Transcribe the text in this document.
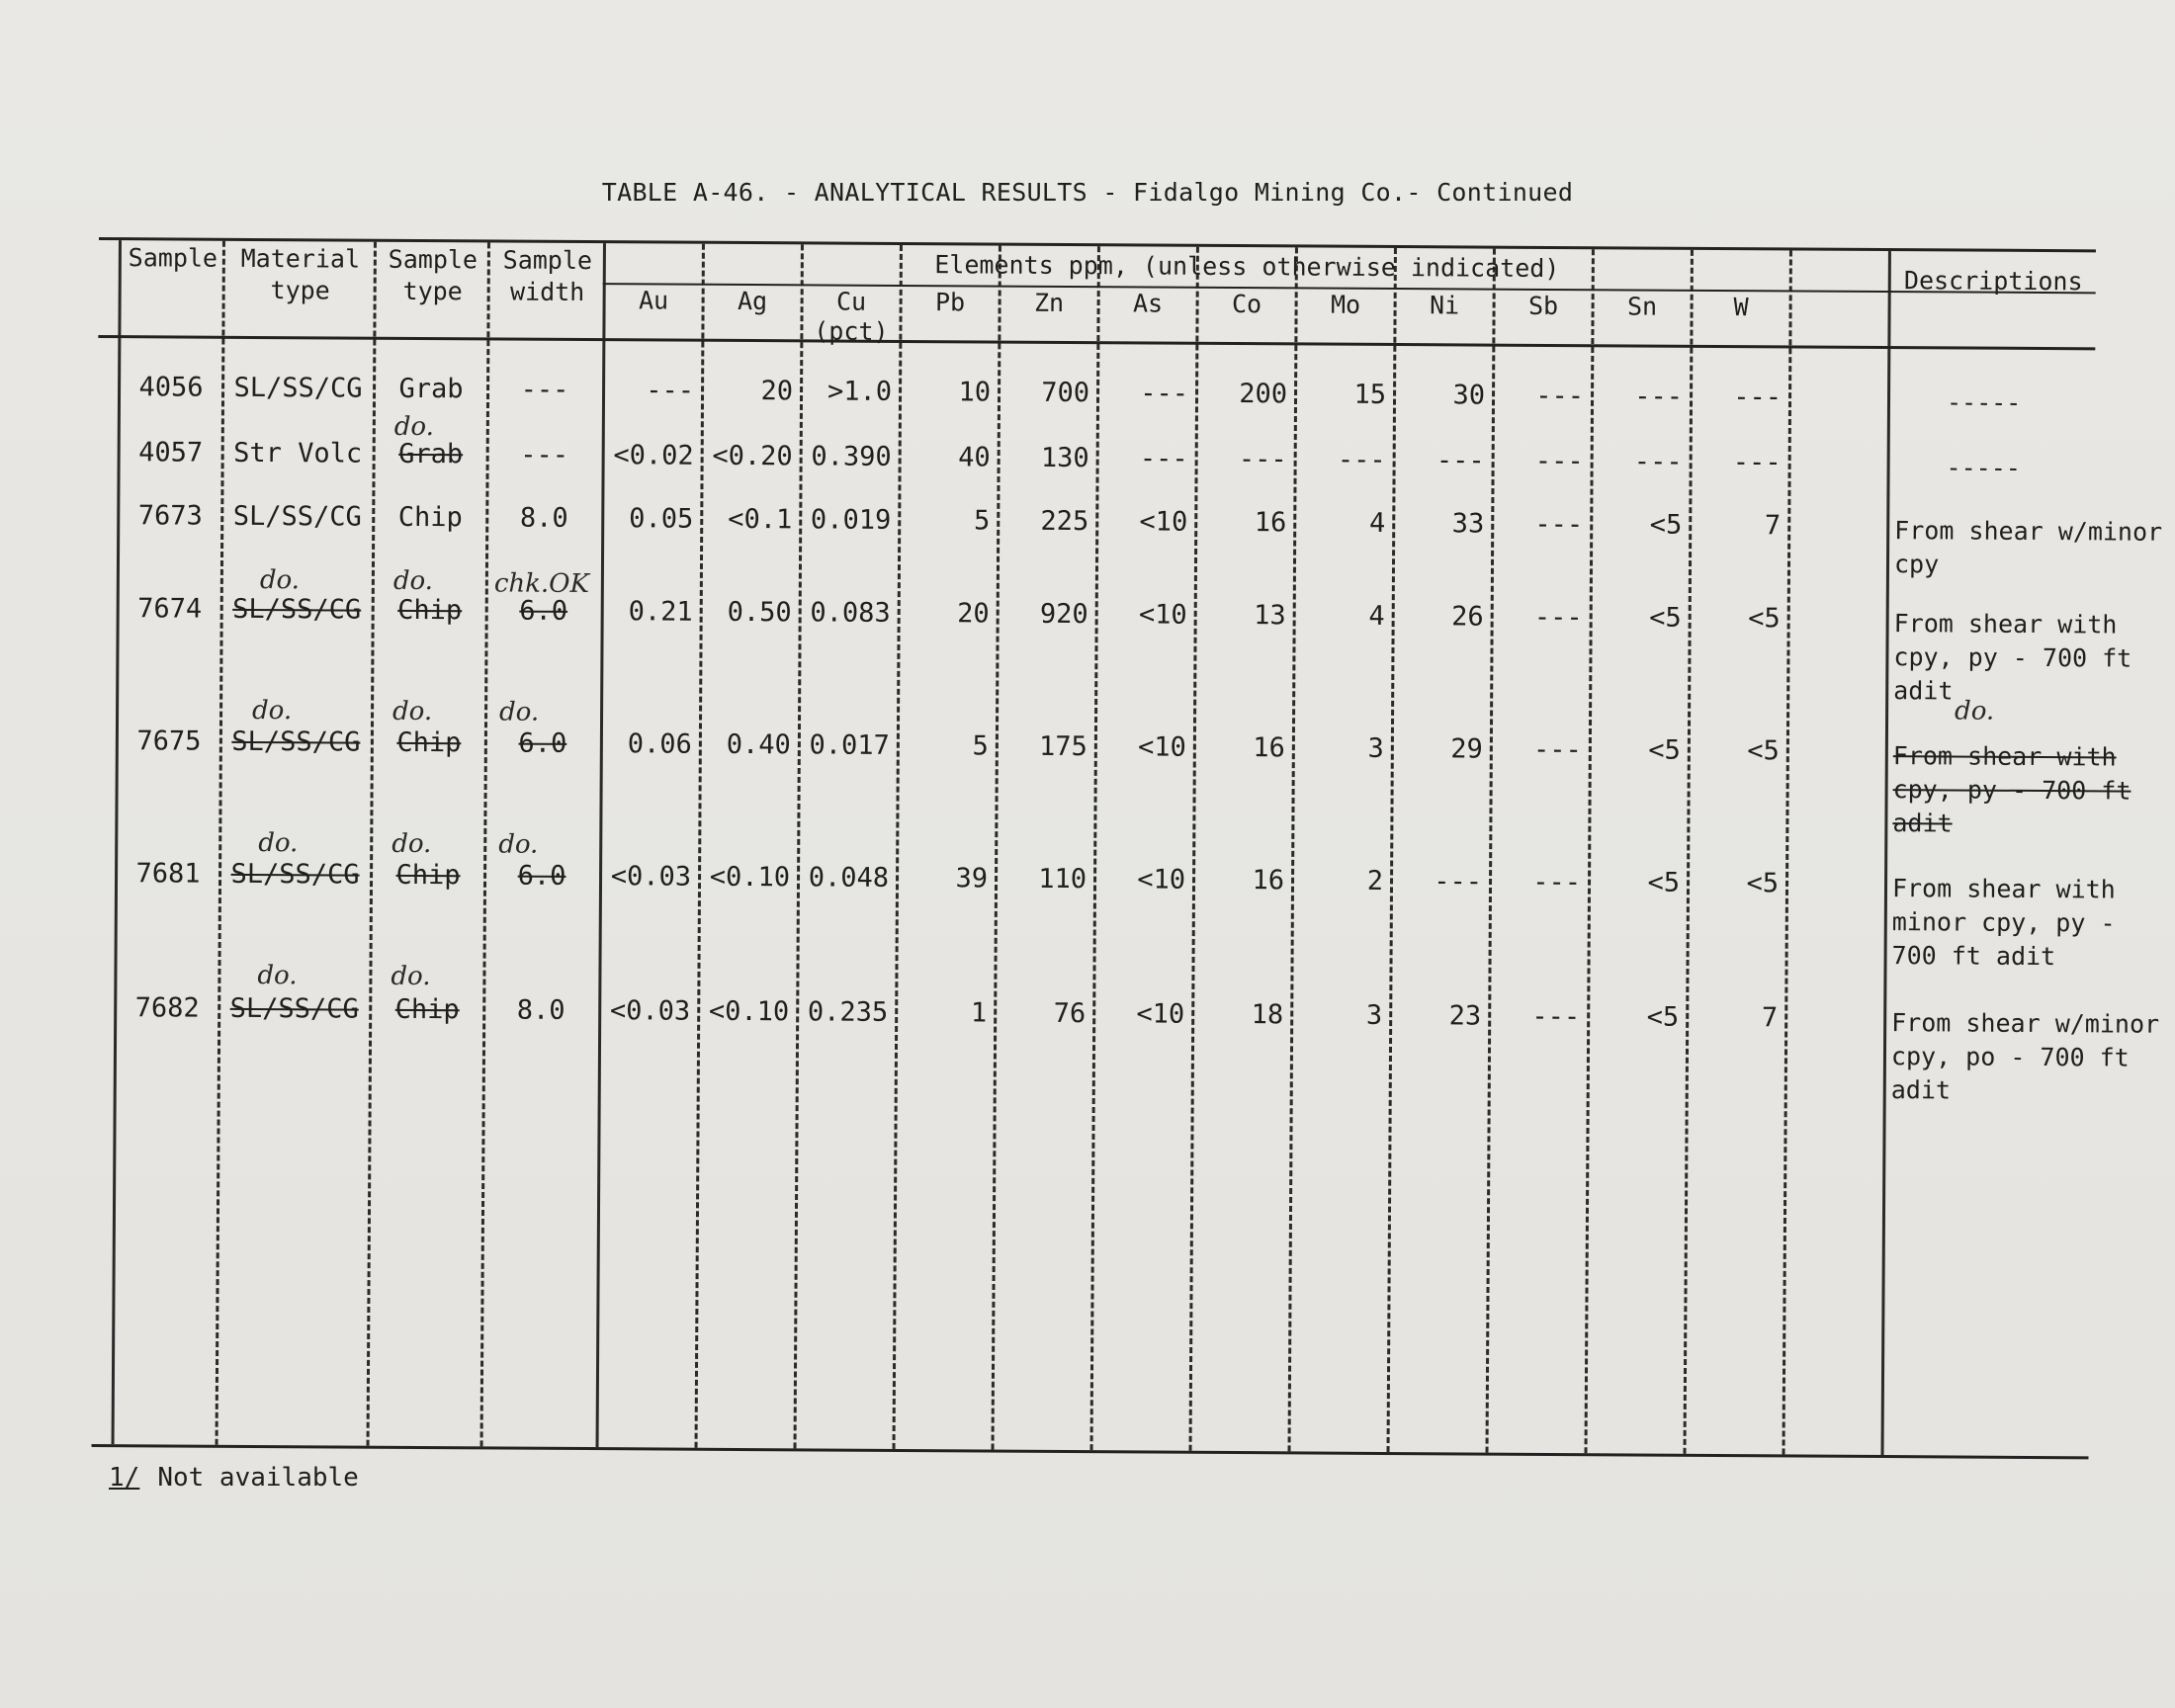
TABLE A-46. - ANALYTICAL RESULTS - Fidalgo Mining Co.- Continued
Sample Material
type
Sample
type
Sample
width
Elements ppm, (unless otherwise indicated)	Descriptions
Au	Ag	Cu	Pb	Zn	As	Co	Mo	Ni	Sb	Sn	W
(pct)
4056	SL/SS/CG	Grab	---	---	20	>1.0	10	700	---	200	15	30	---	---	---	-----
4057	Str Volc	Grab	---	<0.02 <0.20 0.390	40	130	---	---	---	---	---	---	---	-----
7673	SL/SS/CG	Chip	8.0	0.05	<0.1 0.019	5	225	<10	16	4	33	---	<5	7	From shear w/minor
cpy
7674	SL/SS/CG	Chip	6.0	0.21	0.50 0.083	20	920	<10	13	4	26	---	<5	<5	From shear with
cpy, py - 700 ft
adit
7675	SL/SS/CG	Chip	6.0	0.06	0.40 0.017	5	175	<10	16	3	29	---	<5	<5	From shear with
cpy, py - 700 ft
adit
7681	SL/SS/CG	Chip	6.0	<0.03 <0.10 0.048	39	110	<10	16	2	---	---	<5	<5	From shear with
minor cpy, py -
700 ft adit
7682	SL/SS/CG	Chip	8.0	<0.03 <0.10 0.235	1	76	<10	18	3	23	---	<5	7	From shear w/minor
cpy, po - 700 ft
adit
do.
do.	do. chk.OK
do.	do.	do.	do.
do.	do.	do.
do.	do.
1/ Not available
